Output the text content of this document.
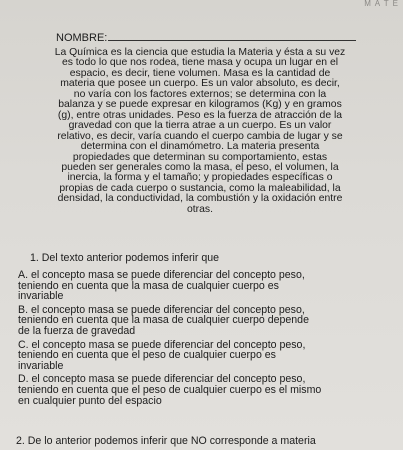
M A T E
NOMBRE:
La Química es la ciencia que estudia la Materia y ésta a su vez
es todo lo que nos rodea, tiene masa y ocupa un lugar en el
espacio, es decir, tiene volumen. Masa es la cantidad de
materia que posee un cuerpo. Es un valor absoluto, es decir,
no varía con los factores externos; se determina con la
balanza y se puede expresar en kilogramos (Kg) y en gramos
(g), entre otras unidades. Peso es la fuerza de atracción de la
gravedad con que la tierra atrae a un cuerpo. Es un valor
relativo, es decir, varía cuando el cuerpo cambia de lugar y se
determina con el dinamómetro. La materia presenta
propiedades que determinan su comportamiento, estas
pueden ser generales como la masa, el peso, el volumen, la
inercia, la forma y el tamaño; y propiedades específicas o
propias de cada cuerpo o sustancia, como la maleabilidad, la
densidad, la conductividad, la combustión y la oxidación entre
otras.

1. Del texto anterior podemos inferir que

A. el concepto masa se puede diferenciar del concepto peso,
teniendo en cuenta que la masa de cualquier cuerpo es
invariable
B. el concepto masa se puede diferenciar del concepto peso,
teniendo en cuenta que la masa de cualquier cuerpo depende
de la fuerza de gravedad
C. el concepto masa se puede diferenciar del concepto peso,
teniendo en cuenta que el peso de cualquier cuerpo es
invariable
D. el concepto masa se puede diferenciar del concepto peso,
teniendo en cuenta que el peso de cualquier cuerpo es el mismo
en cualquier punto del espacio

2. De lo anterior podemos inferir que NO corresponde a materia
